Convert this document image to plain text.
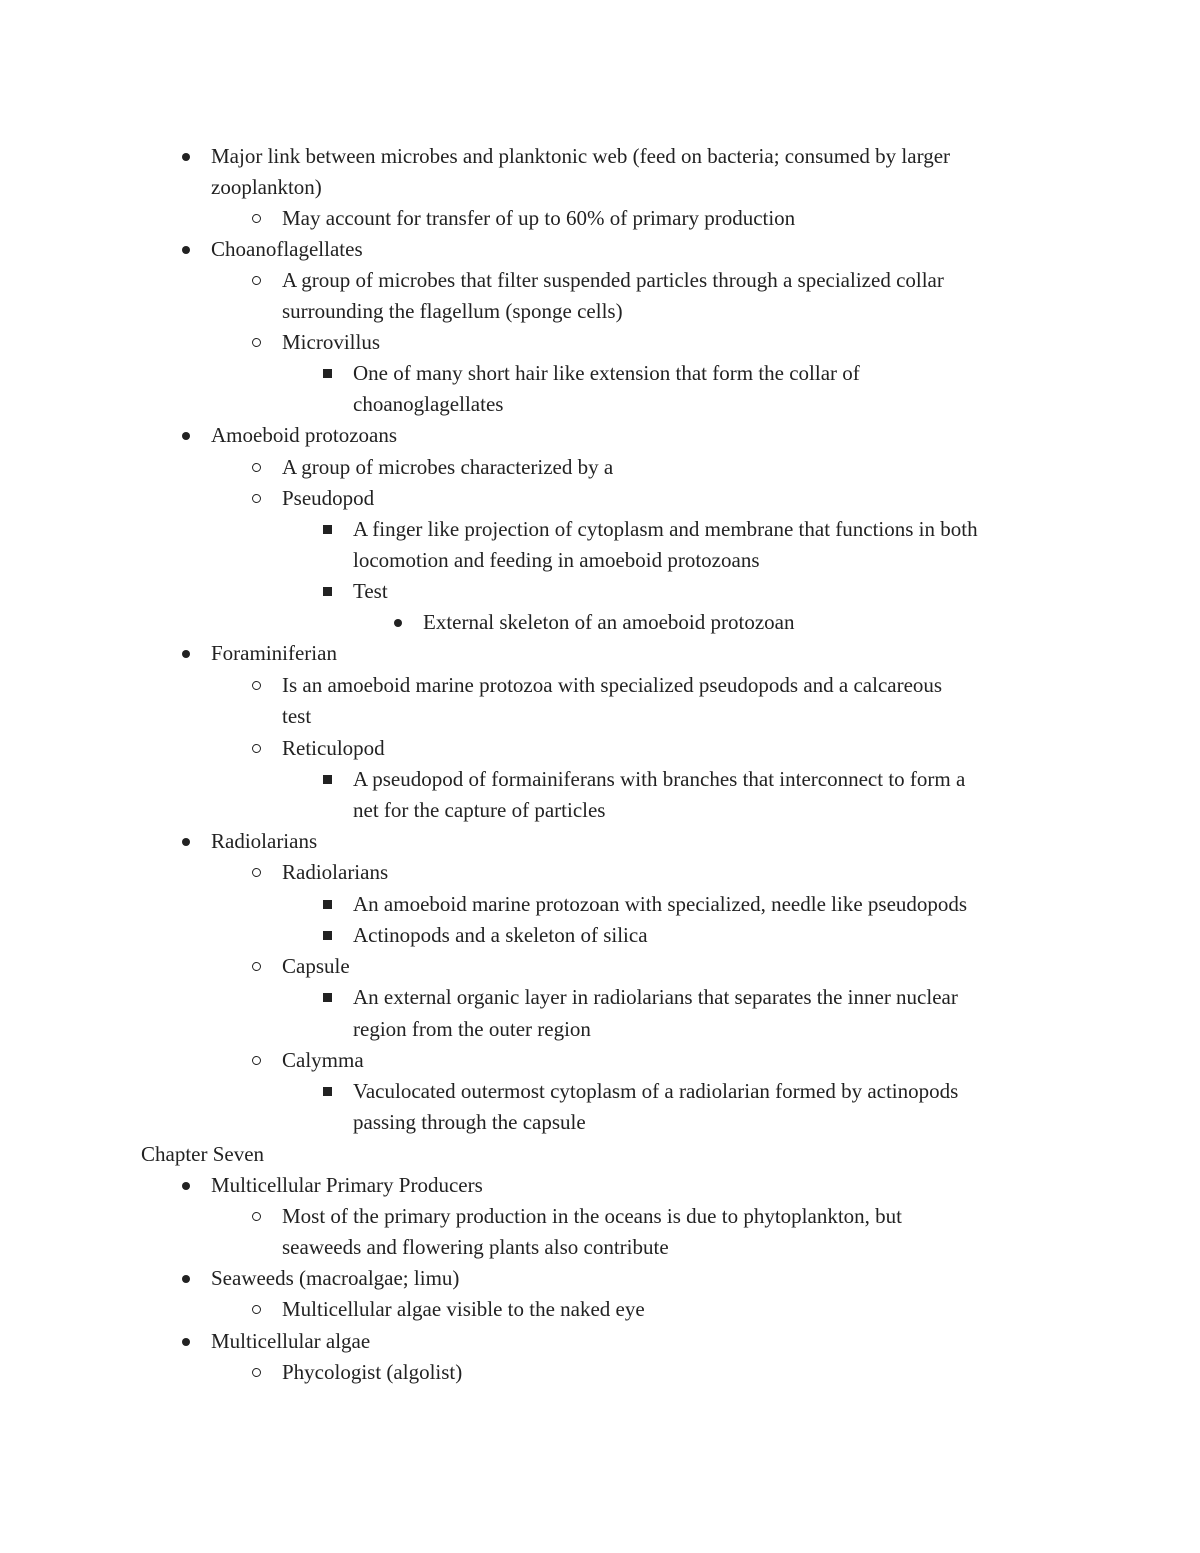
Major link between microbes and planktonic web (feed on bacteria; consumed by larger
zooplankton)
May account for transfer of up to 60% of primary production
Choanoflagellates
A group of microbes that filter suspended particles through a specialized collar
surrounding the flagellum (sponge cells)
Microvillus
One of many short hair like extension that form the collar of
choanoglagellates
Amoeboid protozoans
A group of microbes characterized by a
Pseudopod
A finger like projection of cytoplasm and membrane that functions in both
locomotion and feeding in amoeboid protozoans
Test
External skeleton of an amoeboid protozoan
Foraminiferian
Is an amoeboid marine protozoa with specialized pseudopods and a calcareous
test
Reticulopod
A pseudopod of formainiferans with branches that interconnect to form a
net for the capture of particles
Radiolarians
Radiolarians
An amoeboid marine protozoan with specialized, needle like pseudopods
Actinopods and a skeleton of silica
Capsule
An external organic layer in radiolarians that separates the inner nuclear
region from the outer region
Calymma
Vaculocated outermost cytoplasm of a radiolarian formed by actinopods
passing through the capsule
Chapter Seven
Multicellular Primary Producers
Most of the primary production in the oceans is due to phytoplankton, but
seaweeds and flowering plants also contribute
Seaweeds (macroalgae; limu)
Multicellular algae visible to the naked eye
Multicellular algae
Phycologist (algolist)
